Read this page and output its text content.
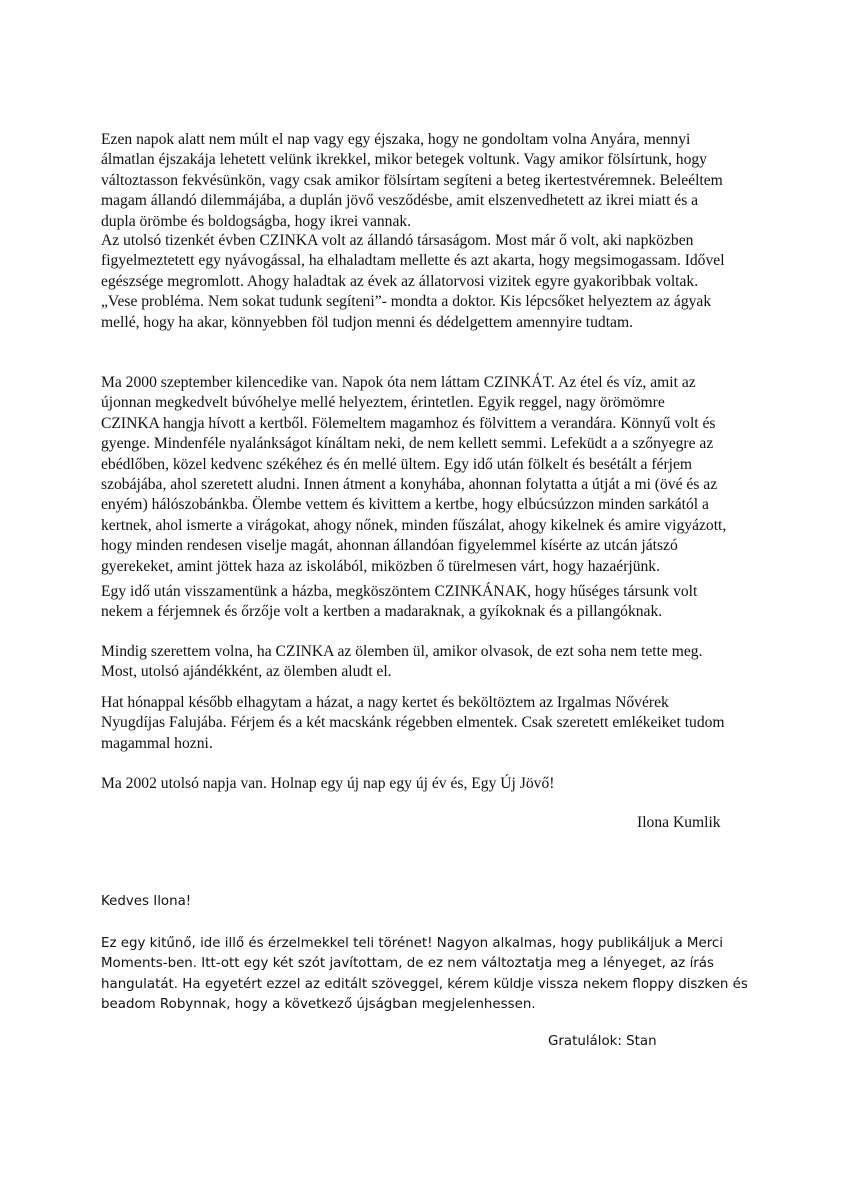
Ezen napok alatt nem múlt el nap vagy egy éjszaka, hogy ne gondoltam volna Anyára, mennyi

álmatlan éjszakája lehetett velünk ikrekkel, mikor betegek voltunk. Vagy amikor fölsírtunk, hogy

változtasson fekvésünkön, vagy csak amikor fölsírtam segíteni a beteg ikertestvéremnek. Beleéltem

magam állandó dilemmájába, a duplán jövő vesződésbe, amit elszenvedhetett az ikrei miatt és a

dupla örömbe és boldogságba, hogy ikrei vannak.

Az utolsó tizenkét évben CZINKA volt az állandó társaságom. Most már ő volt, aki napközben

figyelmeztetett egy nyávogással, ha elhaladtam mellette és azt akarta, hogy megsimogassam. Idővel

egészsége megromlott. Ahogy haladtak az évek az állatorvosi vizitek egyre gyakoribbak voltak.

„Vese probléma. Nem sokat tudunk segíteni”- mondta a doktor. Kis lépcsőket helyeztem az ágyak

mellé, hogy ha akar, könnyebben föl tudjon menni és dédelgettem amennyire tudtam.

Ma 2000 szeptember kilencedike van. Napok óta nem láttam CZINKÁT. Az étel és víz, amit az

újonnan megkedvelt búvóhelye mellé helyeztem, érintetlen. Egyik reggel, nagy örömömre

CZINKA hangja hívott a kertből. Fölemeltem magamhoz és fölvittem a verandára. Könnyű volt és

gyenge. Mindenféle nyalánkságot kínáltam neki, de nem kellett semmi. Lefeküdt a a szőnyegre az

ebédlőben, közel kedvenc székéhez és én mellé ültem. Egy idő után fölkelt és besétált a férjem

szobájába, ahol szeretett aludni. Innen átment a konyhába, ahonnan folytatta a útját a mi (övé és az

enyém) hálószobánkba. Ölembe vettem és kivittem a kertbe, hogy elbúcsúzzon minden sarkától a

kertnek, ahol ismerte a virágokat, ahogy nőnek, minden fűszálat, ahogy kikelnek és amire vigyázott,

hogy minden rendesen viselje magát, ahonnan állandóan figyelemmel kísérte az utcán játszó

gyerekeket, amint jöttek haza az iskolából, miközben ő türelmesen várt, hogy hazaérjünk.

Egy idő után visszamentünk a házba, megköszöntem CZINKÁNAK, hogy hűséges társunk volt

nekem a férjemnek és őrzője volt a kertben a madaraknak, a gyíkoknak és a pillangóknak.

Mindig szerettem volna, ha CZINKA az ölemben ül, amikor olvasok, de ezt soha nem tette meg.

Most, utolsó ajándékként, az ölemben aludt el.

Hat hónappal később elhagytam a házat, a nagy kertet és beköltöztem az Irgalmas Nővérek

Nyugdíjas Falujába. Férjem és a két macskánk régebben elmentek. Csak szeretett emlékeiket tudom

magammal hozni.

Ma 2002 utolsó napja van. Holnap egy új nap egy új év és, Egy Új Jövő!

Ilona Kumlik

Kedves Ilona!

Ez egy kitűnő, ide illő és érzelmekkel teli törénet! Nagyon alkalmas, hogy publikáljuk a Merci

Moments-ben. Itt-ott egy két szót javítottam, de ez nem változtatja meg a lényeget, az írás

hangulatát. Ha egyetért ezzel az editált szöveggel, kérem küldje vissza nekem floppy diszken és

beadom Robynnak, hogy a következő újságban megjelenhessen.

Gratulálok: Stan
